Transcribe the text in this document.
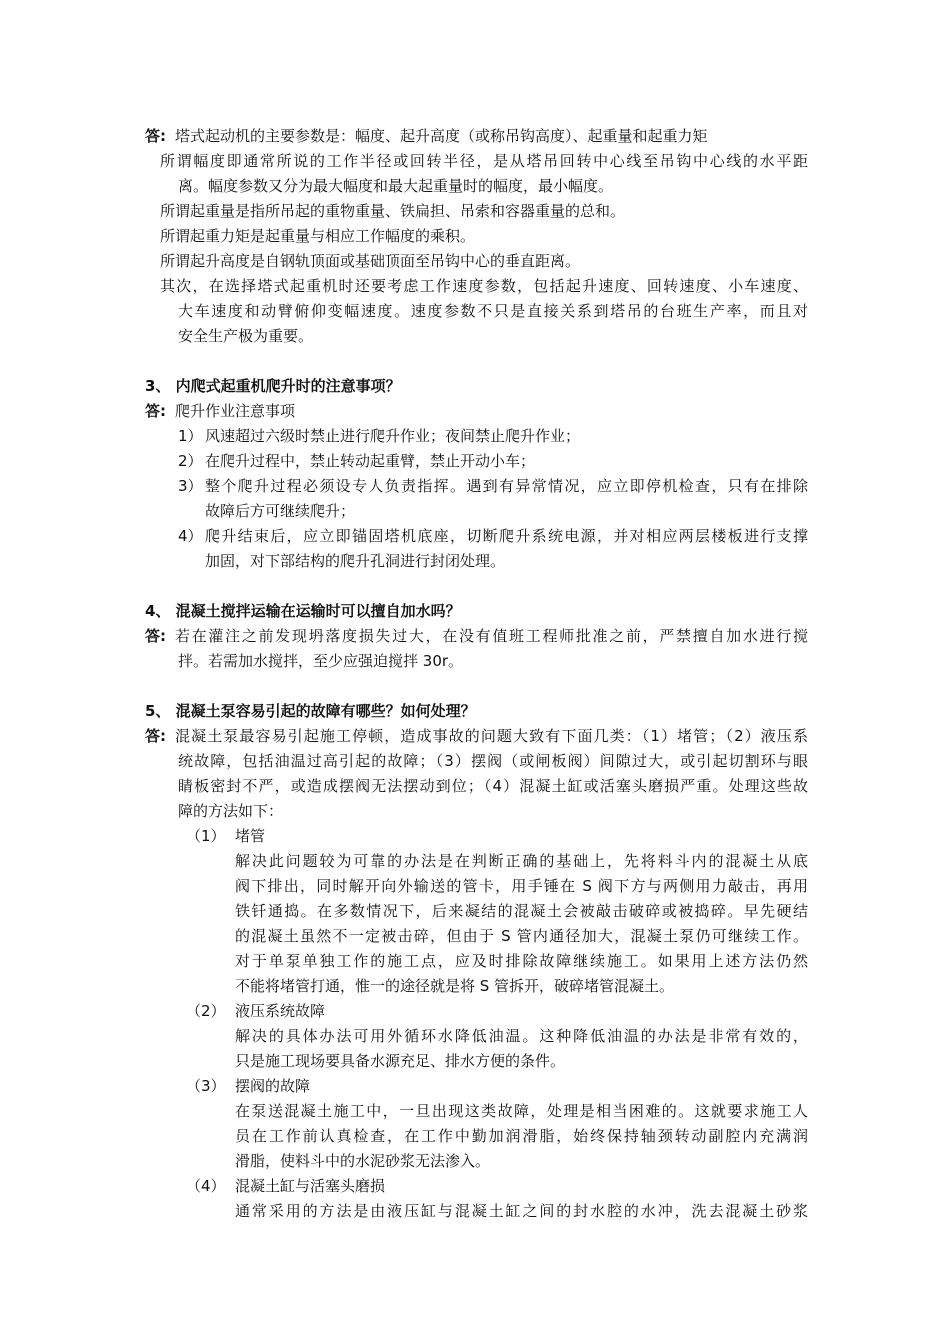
答: 塔式起动机的主要参数是：幅度、起升高度（或称吊钩高度）、起重量和起重力矩
所谓幅度即通常所说的工作半径或回转半径，是从塔吊回转中心线至吊钩中心线的水平距
离。幅度参数又分为最大幅度和最大起重量时的幅度，最小幅度。
所谓起重量是指所吊起的重物重量、铁扁担、吊索和容器重量的总和。
所谓起重力矩是起重量与相应工作幅度的乘积。
所谓起升高度是自钢轨顶面或基础顶面至吊钩中心的垂直距离。
其次，在选择塔式起重机时还要考虑工作速度参数，包括起升速度、回转速度、小车速度、
大车速度和动臂俯仰变幅速度。速度参数不只是直接关系到塔吊的台班生产率，而且对
安全生产极为重要。
3、 内爬式起重机爬升时的注意事项？
答: 爬升作业注意事项
1） 风速超过六级时禁止进行爬升作业；夜间禁止爬升作业；
2） 在爬升过程中，禁止转动起重臂，禁止开动小车；
3） 整个爬升过程必须设专人负责指挥。遇到有异常情况，应立即停机检查，只有在排除
故障后方可继续爬升；
4） 爬升结束后，应立即锚固塔机底座，切断爬升系统电源，并对相应两层楼板进行支撑
加固，对下部结构的爬升孔洞进行封闭处理。
4、 混凝土搅拌运输在运输时可以擅自加水吗？
答: 若在灌注之前发现坍落度损失过大，在没有值班工程师批准之前，严禁擅自加水进行搅
拌。若需加水搅拌，至少应强迫搅拌 30r。
5、 混凝土泵容易引起的故障有哪些？如何处理？
答: 混凝土泵最容易引起施工停顿，造成事故的问题大致有下面几类：（1）堵管；（2）液压系
统故障，包括油温过高引起的故障；（3）摆阀（或闸板阀）间隙过大，或引起切割环与眼
睛板密封不严，或造成摆阀无法摆动到位；（4）混凝土缸或活塞头磨损严重。处理这些故
障的方法如下：
（1） 堵管
解决此问题较为可靠的办法是在判断正确的基础上，先将料斗内的混凝土从底
阀下排出，同时解开向外输送的管卡，用手锤在 S 阀下方与两侧用力敲击，再用
铁钎通捣。在多数情况下，后来凝结的混凝土会被敲击破碎或被捣碎。早先硬结
的混凝土虽然不一定被击碎，但由于 S 管内通径加大，混凝土泵仍可继续工作。
对于单泵单独工作的施工点，应及时排除故障继续施工。如果用上述方法仍然
不能将堵管打通，惟一的途径就是将 S 管拆开，破碎堵管混凝土。
（2） 液压系统故障
解决的具体办法可用外循环水降低油温。这种降低油温的办法是非常有效的，
只是施工现场要具备水源充足、排水方便的条件。
（3） 摆阀的故障
在泵送混凝土施工中，一旦出现这类故障，处理是相当困难的。这就要求施工人
员在工作前认真检查，在工作中勤加润滑脂，始终保持轴颈转动副腔内充满润
滑脂，使料斗中的水泥砂浆无法渗入。
（4） 混凝土缸与活塞头磨损
通常采用的方法是由液压缸与混凝土缸之间的封水腔的水冲，洗去混凝土砂浆
